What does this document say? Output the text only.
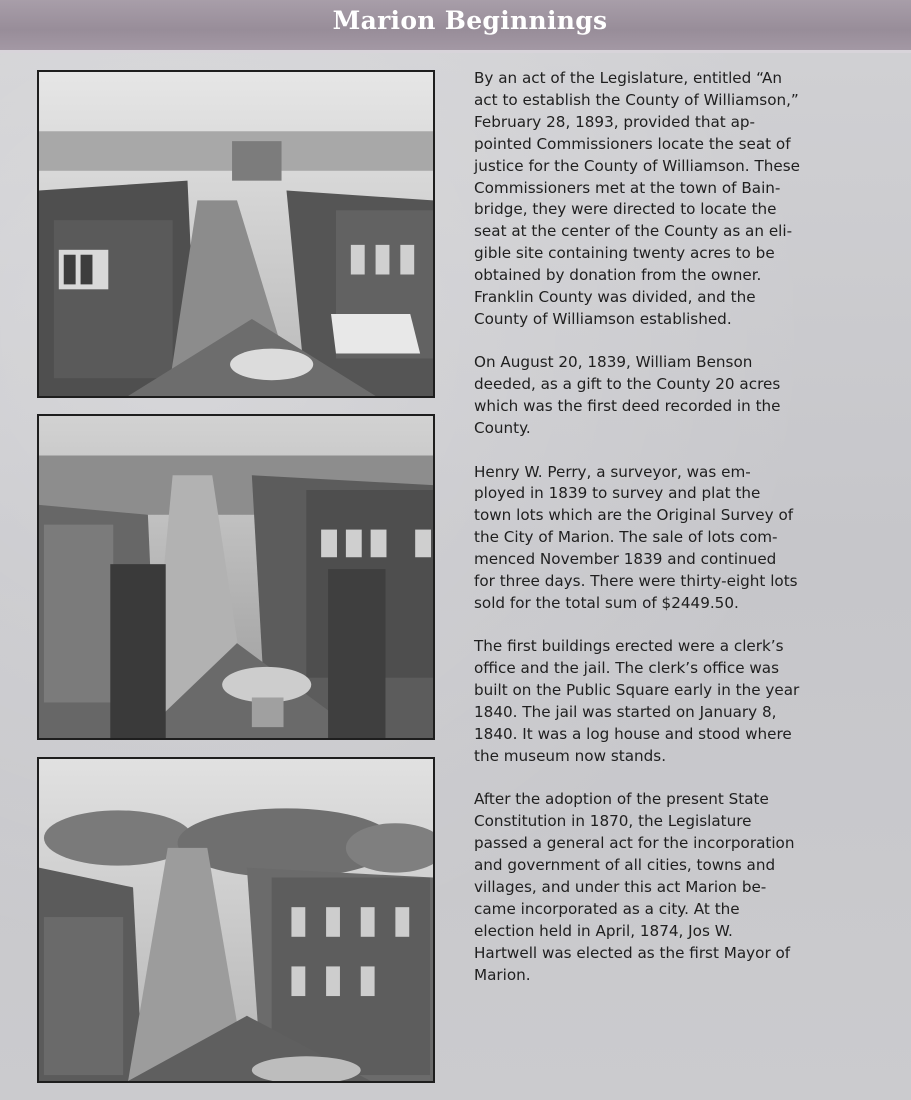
Marion Beginnings

By an act of the Legislature, entitled “An
act to establish the County of Williamson,”
February 28, 1893, provided that ap-
pointed Commissioners locate the seat of
justice for the County of Williamson. These
Commissioners met at the town of Bain-
bridge, they were directed to locate the
seat at the center of the County as an eli-
gible site containing twenty acres to be
obtained by donation from the owner.
Franklin County was divided, and the
County of Williamson established.

On August 20, 1839, William Benson
deeded, as a gift to the County 20 acres
which was the first deed recorded in the
County.

Henry W. Perry, a surveyor, was em-
ployed in 1839 to survey and plat the
town lots which are the Original Survey of
the City of Marion. The sale of lots com-
menced November 1839 and continued
for three days. There were thirty-eight lots
sold for the total sum of $2449.50.

The first buildings erected were a clerk’s
office and the jail. The clerk’s office was
built on the Public Square early in the year
1840. The jail was started on January 8,
1840. It was a log house and stood where
the museum now stands.

After the adoption of the present State
Constitution in 1870, the Legislature
passed a general act for the incorporation
and government of all cities, towns and
villages, and under this act Marion be-
came incorporated as a city. At the
election held in April, 1874, Jos W.
Hartwell was elected as the first Mayor of
Marion.
